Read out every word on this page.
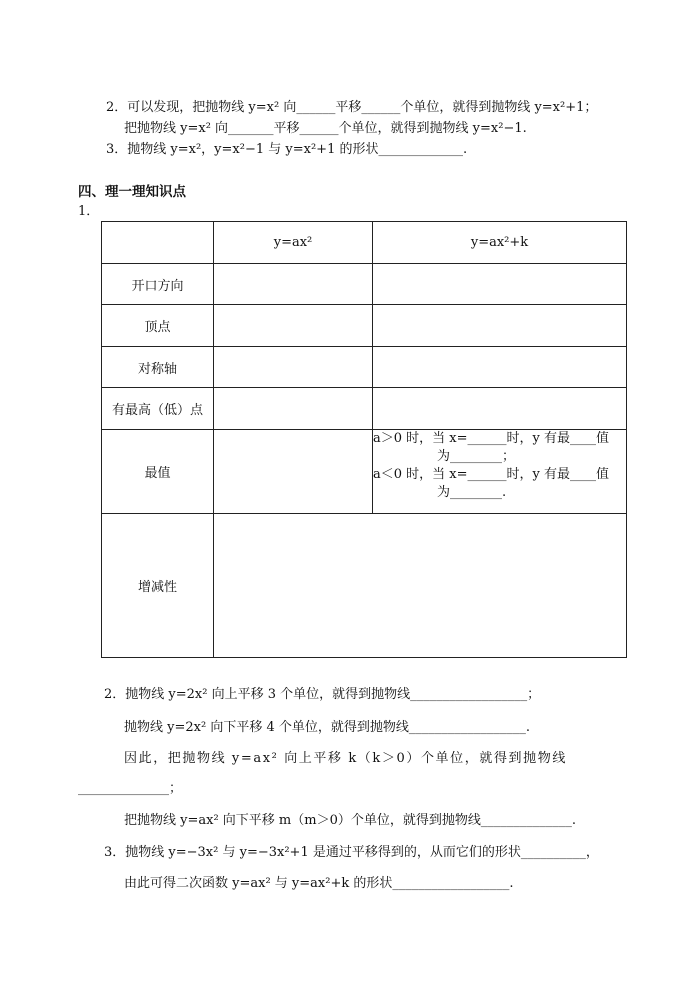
2．可以发现，把抛物线 y=x² 向______平移______个单位，就得到抛物线 y=x²+1；
把抛物线 y=x² 向_______平移______个单位，就得到抛物线 y=x²−1.
3．抛物线 y=x²，y=x²−1 与 y=x²+1 的形状_____________.
四、理一理知识点
1．
	y=ax²	y=ax²+k
开口方向		
顶点		
对称轴		
有最高（低）点		
最值		a＞0 时，当 x=______时，y 有最____值
为________；
a＜0 时，当 x=______时，y 有最____值
为________.

增减性		
2．抛物线 y=2x² 向上平移 3 个单位，就得到抛物线__________________；
抛物线 y=2x² 向下平移 4 个单位，就得到抛物线__________________.
因此，把抛物线 y=ax² 向上平移 k（k＞0）个单位，就得到抛物线
______________；
把抛物线 y=ax² 向下平移 m（m＞0）个单位，就得到抛物线______________.
3．抛物线 y=−3x² 与 y=−3x²+1 是通过平移得到的，从而它们的形状__________，
由此可得二次函数 y=ax² 与 y=ax²+k 的形状__________________.
